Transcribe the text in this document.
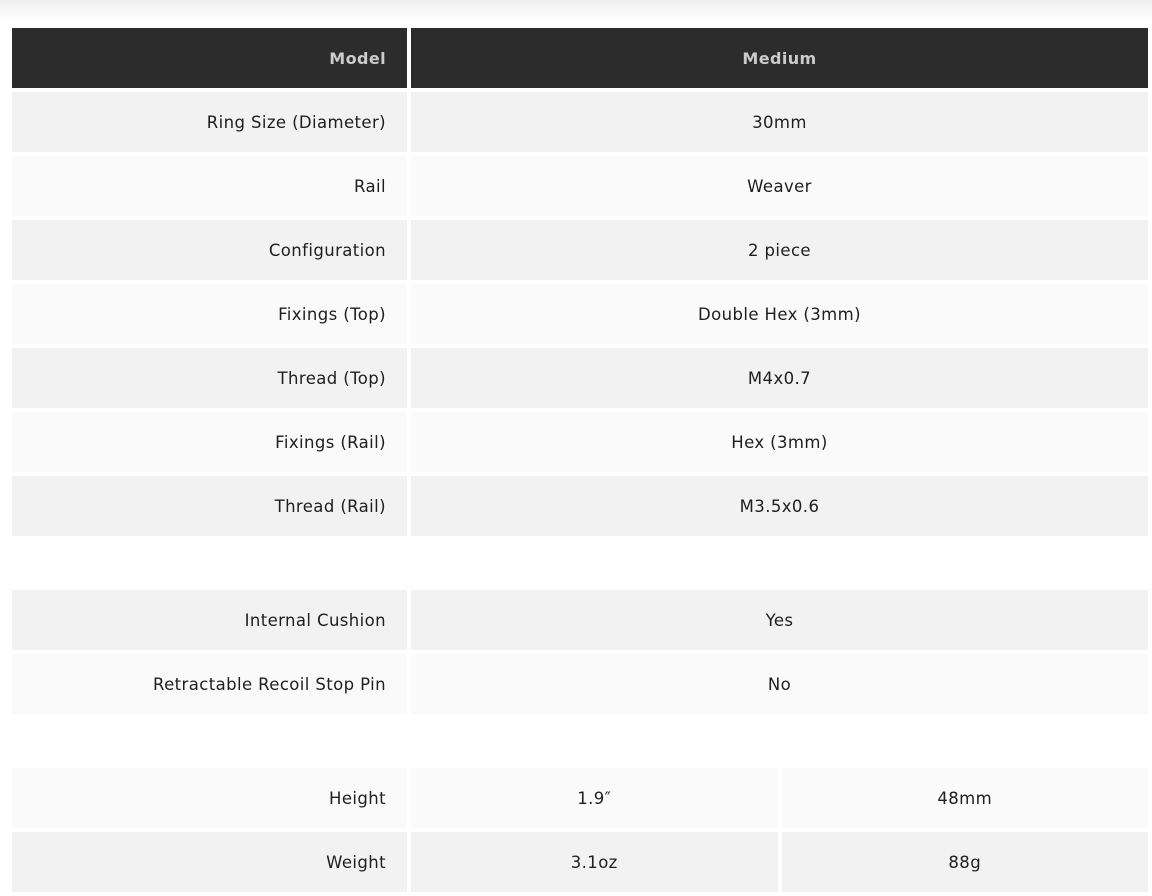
Model	Medium
Ring Size (Diameter)	30mm
Rail	Weaver
Configuration	2 piece
Fixings (Top)	Double Hex (3mm)
Thread (Top)	M4x0.7
Fixings (Rail)	Hex (3mm)
Thread (Rail)	M3.5x0.6
Internal Cushion	Yes
Retractable Recoil Stop Pin	No
Height	1.9″	48mm
Weight	3.1oz	88g
